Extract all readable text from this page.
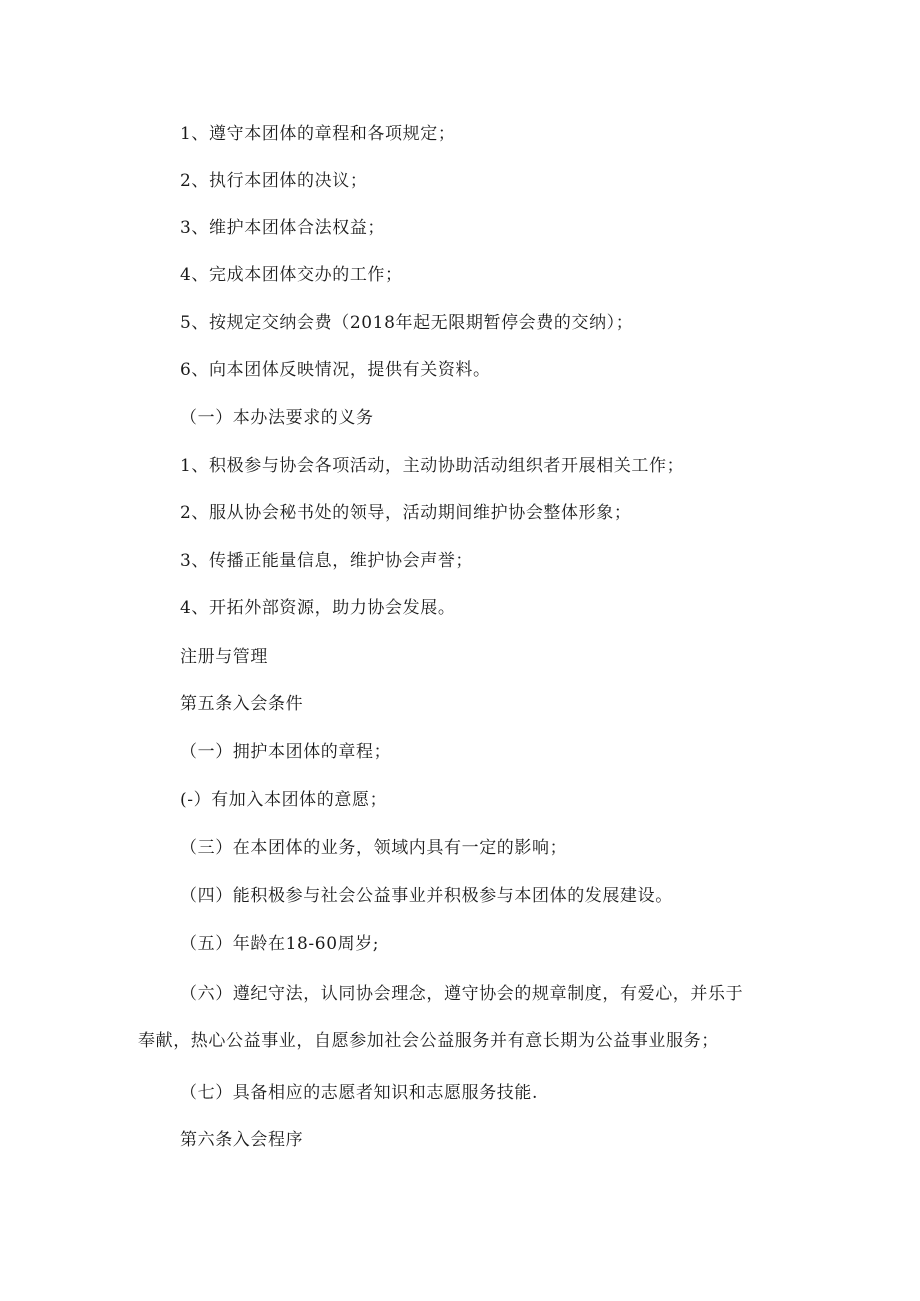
1、遵守本团体的章程和各项规定；
2、执行本团体的决议；
3、维护本团体合法权益；
4、完成本团体交办的工作；
5、按规定交纳会费（2018年起无限期暂停会费的交纳）；
6、向本团体反映情况，提供有关资料。
（一）本办法要求的义务
1、积极参与协会各项活动，主动协助活动组织者开展相关工作；
2、服从协会秘书处的领导，活动期间维护协会整体形象；
3、传播正能量信息，维护协会声誉；
4、开拓外部资源，助力协会发展。
注册与管理
第五条入会条件
（一）拥护本团体的章程；
(-）有加入本团体的意愿；
（三）在本团体的业务，领域内具有一定的影响；
（四）能积极参与社会公益事业并积极参与本团体的发展建设。
（五）年龄在18-60周岁;
（六）遵纪守法，认同协会理念，遵守协会的规章制度，有爱心，并乐于
奉献，热心公益事业，自愿参加社会公益服务并有意长期为公益事业服务；
（七）具备相应的志愿者知识和志愿服务技能.
第六条入会程序
